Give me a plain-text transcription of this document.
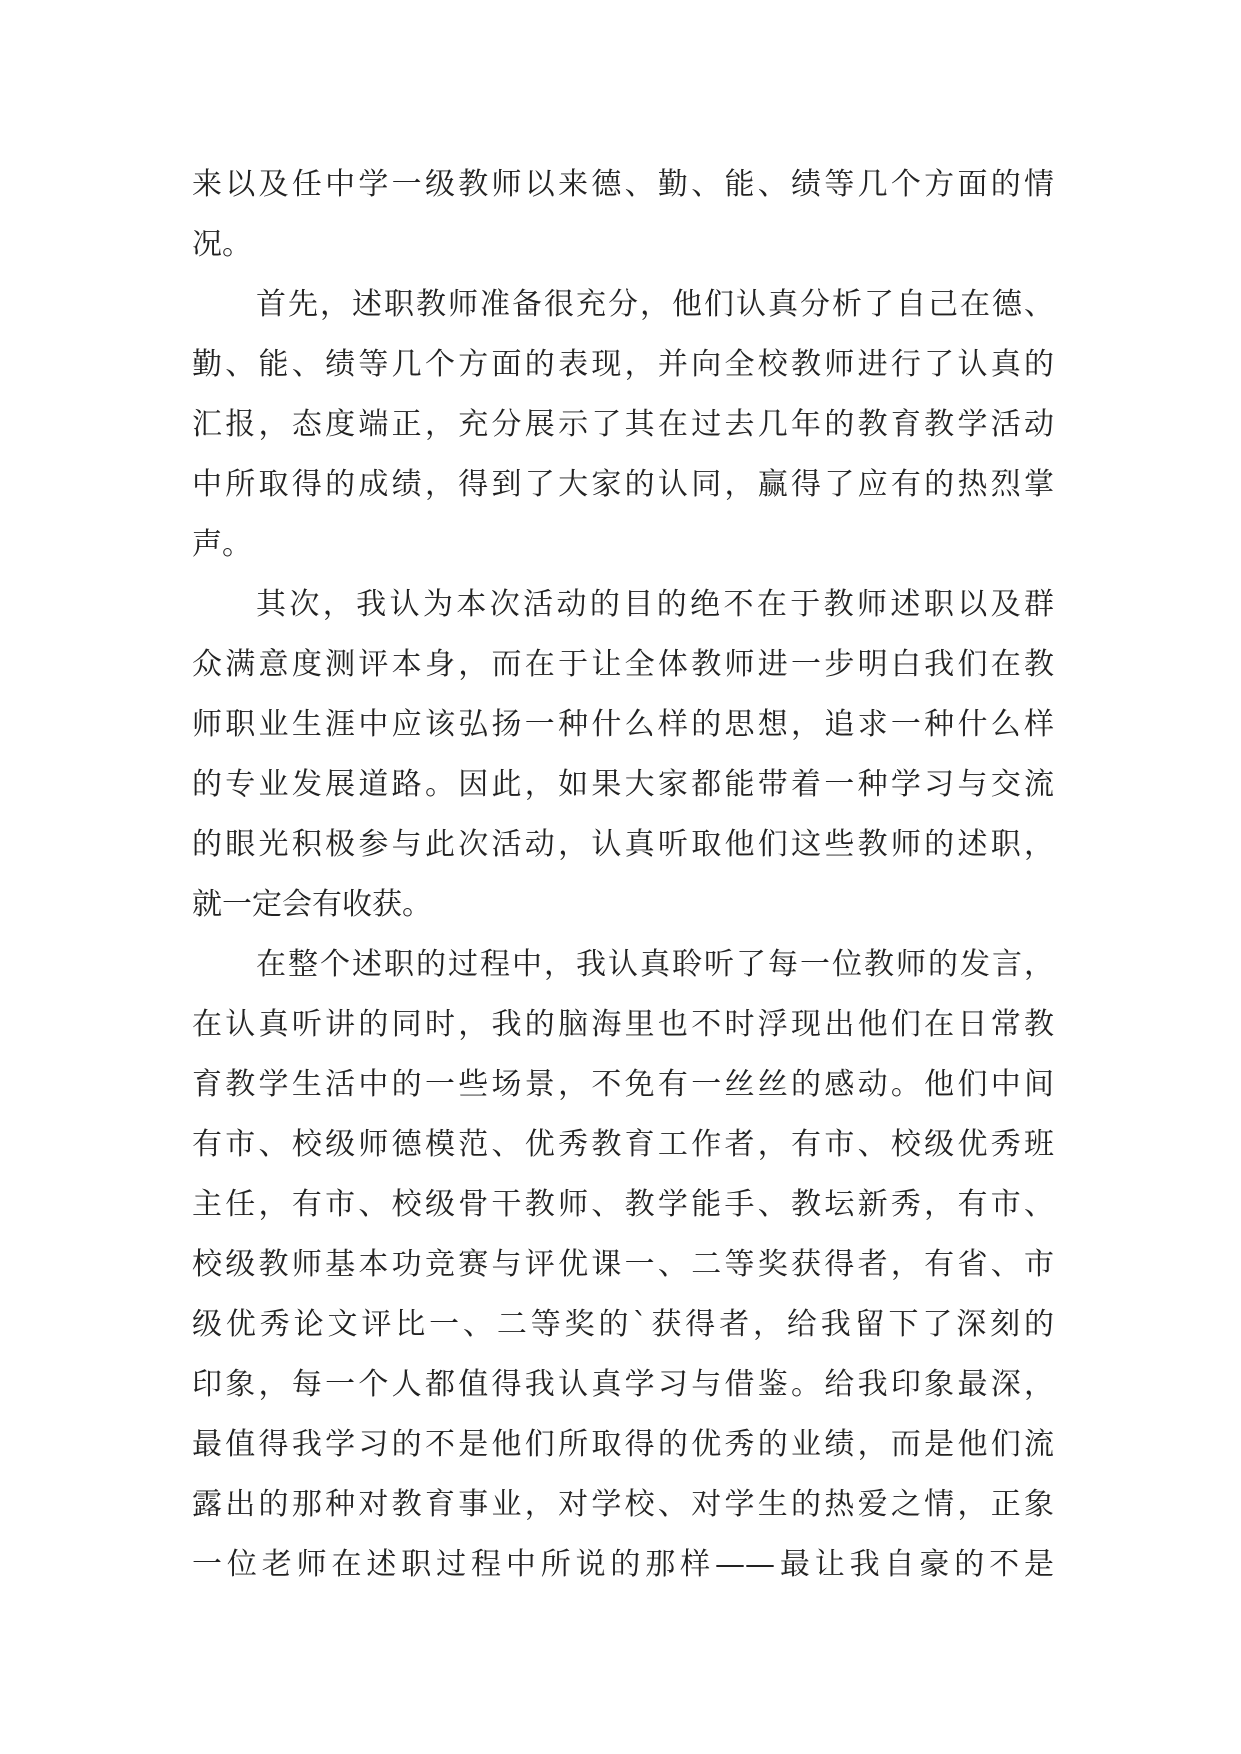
来以及任中学一级教师以来德、勤、能、绩等几个方面的情
况。
首先，述职教师准备很充分，他们认真分析了自己在德、
勤、能、绩等几个方面的表现，并向全校教师进行了认真的
汇报，态度端正，充分展示了其在过去几年的教育教学活动
中所取得的成绩，得到了大家的认同，赢得了应有的热烈掌
声。
其次，我认为本次活动的目的绝不在于教师述职以及群
众满意度测评本身，而在于让全体教师进一步明白我们在教
师职业生涯中应该弘扬一种什么样的思想，追求一种什么样
的专业发展道路。因此，如果大家都能带着一种学习与交流
的眼光积极参与此次活动，认真听取他们这些教师的述职，
就一定会有收获。
在整个述职的过程中，我认真聆听了每一位教师的发言，
在认真听讲的同时，我的脑海里也不时浮现出他们在日常教
育教学生活中的一些场景，不免有一丝丝的感动。他们中间
有市、校级师德模范、优秀教育工作者，有市、校级优秀班
主任，有市、校级骨干教师、教学能手、教坛新秀，有市、
校级教师基本功竞赛与评优课一、二等奖获得者，有省、市
级优秀论文评比一、二等奖的`获得者，给我留下了深刻的
印象，每一个人都值得我认真学习与借鉴。给我印象最深，
最值得我学习的不是他们所取得的优秀的业绩，而是他们流
露出的那种对教育事业，对学校、对学生的热爱之情，正象
一位老师在述职过程中所说的那样——最让我自豪的不是
